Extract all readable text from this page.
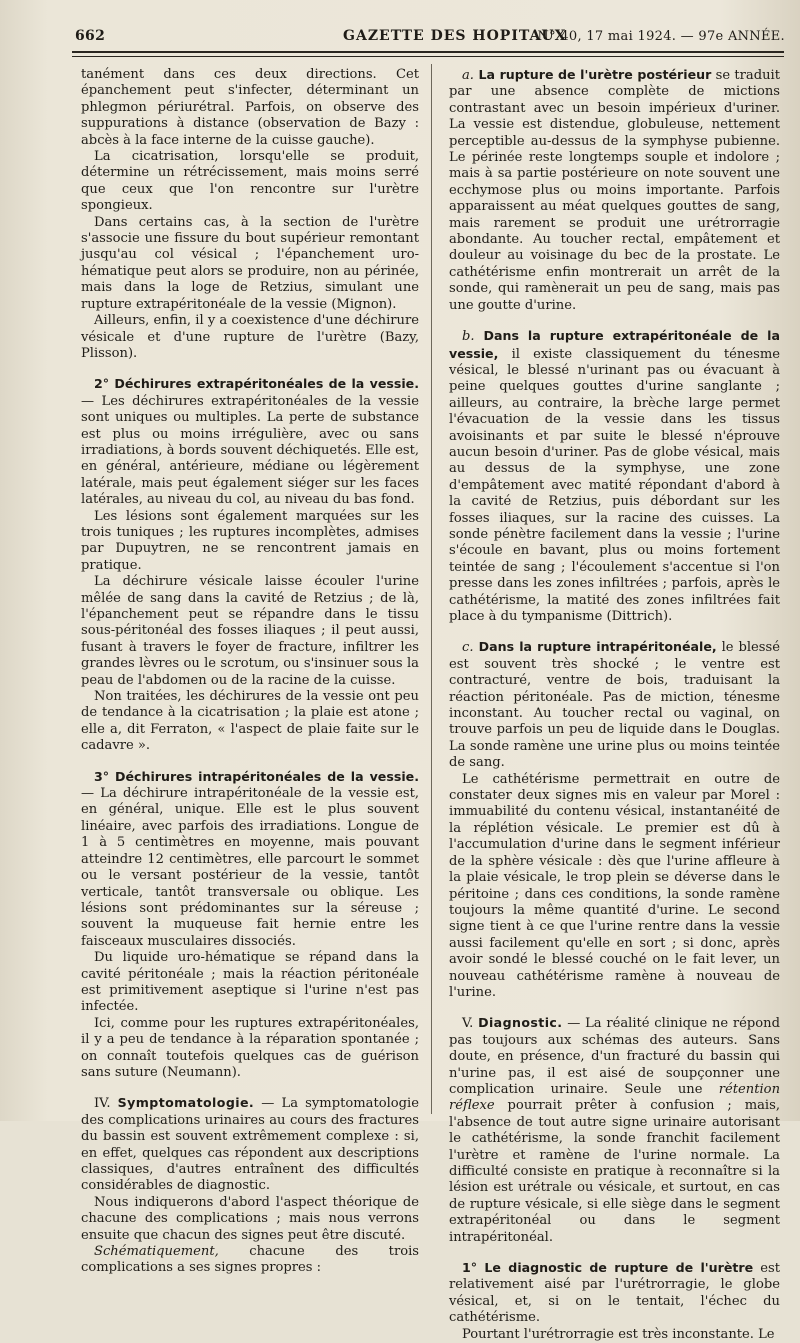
662	GAZETTE DES HOPITAUX
N° 40, 17 mai 1924. — 97e ANNÉE.

tanément dans ces deux directions. Cet épanchement peut s'infecter, déterminant un phlegmon périurétral. Parfois, on observe des suppurations à distance (observation de Bazy : abcès à la face interne de la cuisse gauche).

La cicatrisation, lorsqu'elle se produit, détermine un rétrécissement, mais moins serré que ceux que l'on rencontre sur l'urètre spongieux.

Dans certains cas, à la section de l'urètre s'associe une fissure du bout supérieur remontant jusqu'au col vésical ; l'épanchement uro-hématique peut alors se produire, non au périnée, mais dans la loge de Retzius, simulant une rupture extrapéritonéale de la vessie (Mignon).

Ailleurs, enfin, il y a coexistence d'une déchirure vésicale et d'une rupture de l'urètre (Bazy, Plisson).

2° Déchirures extrapéritonéales de la vessie. — Les déchirures extrapéritonéales de la vessie sont uniques ou multiples. La perte de substance est plus ou moins irrégulière, avec ou sans irradiations, à bords souvent déchiquetés. Elle est, en général, antérieure, médiane ou légèrement latérale, mais peut également siéger sur les faces latérales, au niveau du col, au niveau du bas fond.

Les lésions sont également marquées sur les trois tuniques ; les ruptures incomplètes, admises par Dupuytren, ne se rencontrent jamais en pratique.

La déchirure vésicale laisse écouler l'urine mêlée de sang dans la cavité de Retzius ; de là, l'épanchement peut se répandre dans le tissu sous-péritonéal des fosses iliaques ; il peut aussi, fusant à travers le foyer de fracture, infiltrer les grandes lèvres ou le scrotum, ou s'insinuer sous la peau de l'abdomen ou de la racine de la cuisse.

Non traitées, les déchirures de la vessie ont peu de tendance à la cicatrisation ; la plaie est atone ; elle a, dit Ferraton, « l'aspect de plaie faite sur le cadavre ».

3° Déchirures intrapéritonéales de la vessie. — La déchirure intrapéritonéale de la vessie est, en général, unique. Elle est le plus souvent linéaire, avec parfois des irradiations. Longue de 1 à 5 centimètres en moyenne, mais pouvant atteindre 12 centimètres, elle parcourt le sommet ou le versant postérieur de la vessie, tantôt verticale, tantôt transversale ou oblique. Les lésions sont prédominantes sur la séreuse ; souvent la muqueuse fait hernie entre les faisceaux musculaires dissociés.

Du liquide uro-hématique se répand dans la cavité péritonéale ; mais la réaction péritonéale est primitivement aseptique si l'urine n'est pas infectée.

Ici, comme pour les ruptures extrapéritonéales, il y a peu de tendance à la réparation spontanée ; on connaît toutefois quelques cas de guérison sans suture (Neumann).

IV. Symptomatologie. — La symptomatologie des complications urinaires au cours des fractures du bassin est souvent extrêmement complexe : si, en effet, quelques cas répondent aux descriptions classiques, d'autres entraînent des difficultés considérables de diagnostic.

Nous indiquerons d'abord l'aspect théorique de chacune des complications ; mais nous verrons ensuite que chacun des signes peut être discuté.

Schématiquement, chacune des trois complications a ses signes propres :

a. La rupture de l'urètre postérieur se traduit par une absence complète de mictions contrastant avec un besoin impérieux d'uriner. La vessie est distendue, globuleuse, nettement perceptible au-dessus de la symphyse pubienne. Le périnée reste longtemps souple et indolore ; mais à sa partie postérieure on note souvent une ecchymose plus ou moins importante. Parfois apparaissent au méat quelques gouttes de sang, mais rarement se produit une urétrorragie abondante. Au toucher rectal, empâtement et douleur au voisinage du bec de la prostate. Le cathétérisme enfin montrerait un arrêt de la sonde, qui ramènerait un peu de sang, mais pas une goutte d'urine.

b. Dans la rupture extrapéritonéale de la vessie, il existe classiquement du ténesme vésical, le blessé n'urinant pas ou évacuant à peine quelques gouttes d'urine sanglante ; ailleurs, au contraire, la brèche large permet l'évacuation de la vessie dans les tissus avoisinants et par suite le blessé n'éprouve aucun besoin d'uriner. Pas de globe vésical, mais au dessus de la symphyse, une zone d'empâtement avec matité répondant d'abord à la cavité de Retzius, puis débordant sur les fosses iliaques, sur la racine des cuisses. La sonde pénètre facilement dans la vessie ; l'urine s'écoule en bavant, plus ou moins fortement teintée de sang ; l'écoulement s'accentue si l'on presse dans les zones infiltrées ; parfois, après le cathétérisme, la matité des zones infiltrées fait place à du tympanisme (Dittrich).

c. Dans la rupture intrapéritonéale, le blessé est souvent très shocké ; le ventre est contracturé, ventre de bois, traduisant la réaction péritonéale. Pas de miction, ténesme inconstant. Au toucher rectal ou vaginal, on trouve parfois un peu de liquide dans le Douglas. La sonde ramène une urine plus ou moins teintée de sang.

Le cathétérisme permettrait en outre de constater deux signes mis en valeur par Morel : immuabilité du contenu vésical, instantanéité de la réplétion vésicale. Le premier est dû à l'accumulation d'urine dans le segment inférieur de la sphère vésicale : dès que l'urine affleure à la plaie vésicale, le trop plein se déverse dans le péritoine ; dans ces conditions, la sonde ramène toujours la même quantité d'urine. Le second signe tient à ce que l'urine rentre dans la vessie aussi facilement qu'elle en sort ; si donc, après avoir sondé le blessé couché on le fait lever, un nouveau cathétérisme ramène à nouveau de l'urine.

V. Diagnostic. — La réalité clinique ne répond pas toujours aux schémas des auteurs. Sans doute, en présence, d'un fracturé du bassin qui n'urine pas, il est aisé de soupçonner une complication urinaire. Seule une rétention réflexe pourrait prêter à confusion ; mais, l'absence de tout autre signe urinaire autorisant le cathétérisme, la sonde franchit facilement l'urètre et ramène de l'urine normale. La difficulté consiste en pratique à reconnaître si la lésion est urétrale ou vésicale, et surtout, en cas de rupture vésicale, si elle siège dans le segment extrapéritonéal ou dans le segment intrapéritonéal.

1° Le diagnostic de rupture de l'urètre est relativement aisé par l'urétrorragie, le globe vésical, et, si on le tentait, l'échec du cathétérisme.

Pourtant l'urétrorragie est très inconstante. Le
